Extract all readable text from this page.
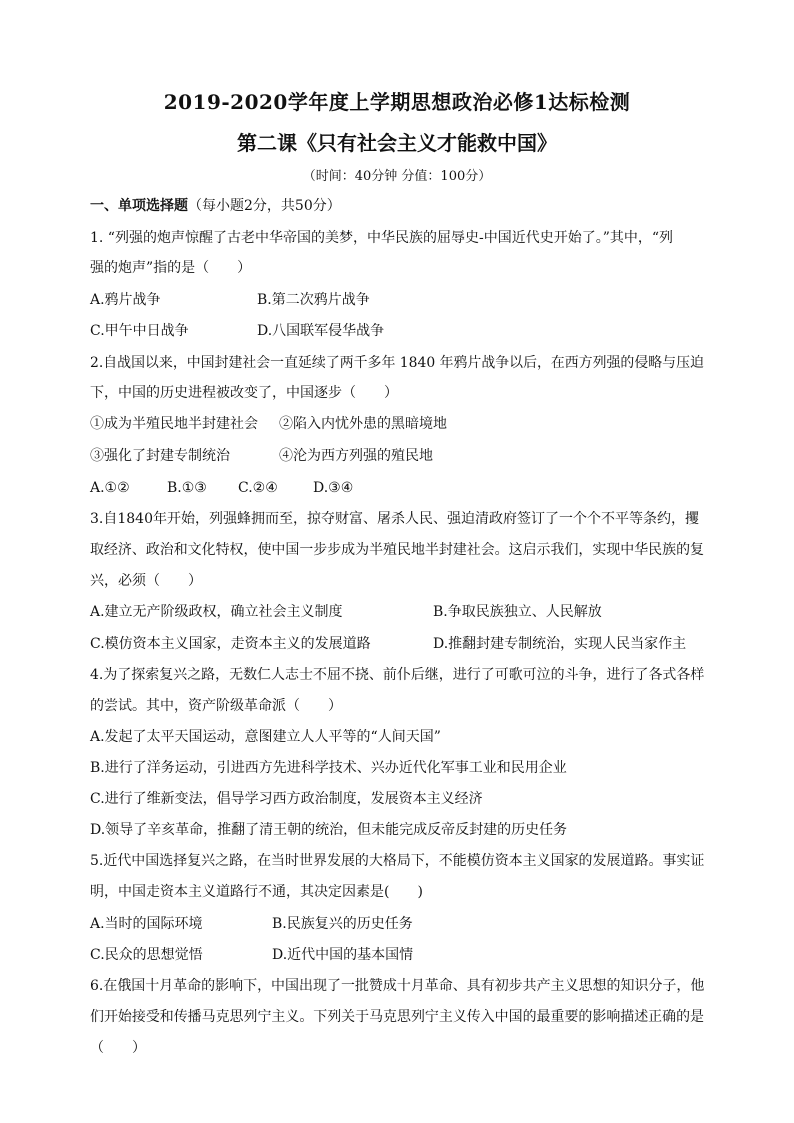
2019-2020学年度上学期思想政治必修1达标检测
第二课《只有社会主义才能救中国》
（时间：40分钟 分值：100分）
一、单项选择题（每小题2分，共50分）
1. “列强的炮声惊醒了古老中华帝国的美梦，中华民族的屈辱史-中国近代史开始了。”其中，“列
强的炮声”指的是（　　）
A.鸦片战争	B.第二次鸦片战争
C.甲午中日战争	D.八国联军侵华战争
2.自战国以来，中国封建社会一直延续了两千多年 1840 年鸦片战争以后，在西方列强的侵略与压迫
下，中国的历史进程被改变了，中国逐步（　　）
①成为半殖民地半封建社会 ②陷入内忧外患的黑暗境地
③强化了封建专制统治	④沦为西方列强的殖民地
A.①②	B.①③ C.②④	D.③④
3.自1840年开始，列强蜂拥而至，掠夺财富、屠杀人民、强迫清政府签订了一个个不平等条约，攫
取经济、政治和文化特权，使中国一步步成为半殖民地半封建社会。这启示我们，实现中华民族的复
兴，必须（　　）
A.建立无产阶级政权，确立社会主义制度	B.争取民族独立、人民解放
C.模仿资本主义国家，走资本主义的发展道路	D.推翻封建专制统治，实现人民当家作主
4.为了探索复兴之路，无数仁人志士不屈不挠、前仆后继，进行了可歌可泣的斗争，进行了各式各样
的尝试。其中，资产阶级革命派（　　）
A.发起了太平天国运动，意图建立人人平等的“人间天国”
B.进行了洋务运动，引进西方先进科学技术、兴办近代化军事工业和民用企业
C.进行了维新变法，倡导学习西方政治制度，发展资本主义经济
D.领导了辛亥革命，推翻了清王朝的统治，但未能完成反帝反封建的历史任务
5.近代中国选择复兴之路，在当时世界发展的大格局下，不能模仿资本主义国家的发展道路。事实证
明，中国走资本主义道路行不通，其决定因素是(　　)
A.当时的国际环境	B.民族复兴的历史任务
C.民众的思想觉悟	D.近代中国的基本国情
6.在俄国十月革命的影响下，中国出现了一批赞成十月革命、具有初步共产主义思想的知识分子，他
们开始接受和传播马克思列宁主义。下列关于马克思列宁主义传入中国的最重要的影响描述正确的是
（　　）
